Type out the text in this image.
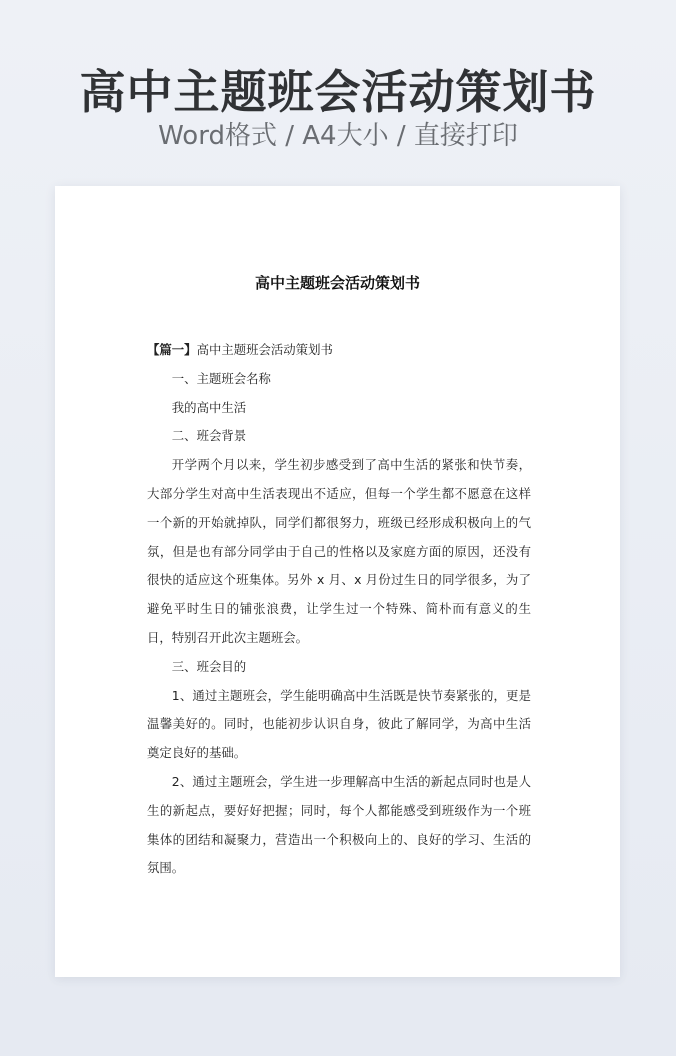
高中主题班会活动策划书
Word格式 / A4大小 / 直接打印
高中主题班会活动策划书

【篇一】高中主题班会活动策划书

一、主题班会名称

我的高中生活

二、班会背景

开学两个月以来，学生初步感受到了高中生活的紧张和快节奏，大部分学生对高中生活表现出不适应，但每一个学生都不愿意在这样一个新的开始就掉队，同学们都很努力，班级已经形成积极向上的气氛，但是也有部分同学由于自己的性格以及家庭方面的原因，还没有很快的适应这个班集体。另外 x 月、x 月份过生日的同学很多，为了避免平时生日的铺张浪费，让学生过一个特殊、简朴而有意义的生日，特别召开此次主题班会。

三、班会目的

1、通过主题班会，学生能明确高中生活既是快节奏紧张的，更是温馨美好的。同时，也能初步认识自身，彼此了解同学，为高中生活奠定良好的基础。

2、通过主题班会，学生进一步理解高中生活的新起点同时也是人生的新起点，要好好把握；同时，每个人都能感受到班级作为一个班集体的团结和凝聚力，营造出一个积极向上的、良好的学习、生活的氛围。
